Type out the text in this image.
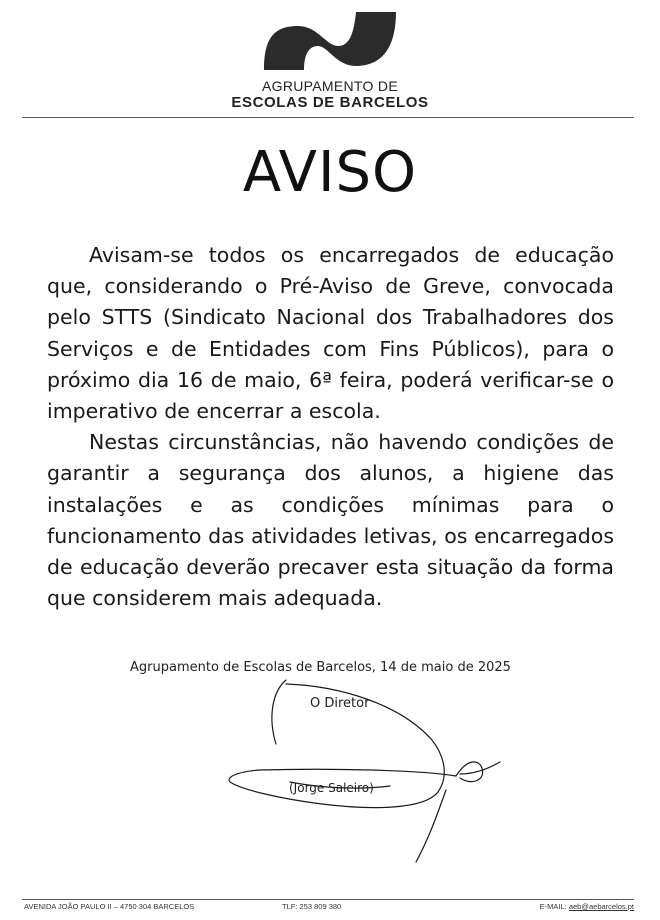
AGRUPAMENTO DE
ESCOLAS DE BARCELOS
AVISO

Avisam-se todos os encarregados de educação que, considerando o Pré-Aviso de Greve, convocada pelo STTS (Sindicato Nacional dos Trabalhadores dos Serviços e de Entidades com Fins Públicos), para o próximo dia 16 de maio, 6ª feira, poderá verificar-se o imperativo de encerrar a escola.

Nestas circunstâncias, não havendo condições de garantir a segurança dos alunos, a higiene das instalações e as condições mínimas para o funcionamento das atividades letivas, os encarregados de educação deverão precaver esta situação da forma que considerem mais adequada.

Agrupamento de Escolas de Barcelos, 14 de maio de 2025
O Diretor
(Jorge Saleiro)
AVENIDA JOÃO PAULO II – 4750 304 BARCELOS	TLF: 253 809 380	E-MAIL: aeb@aebarcelos.pt
